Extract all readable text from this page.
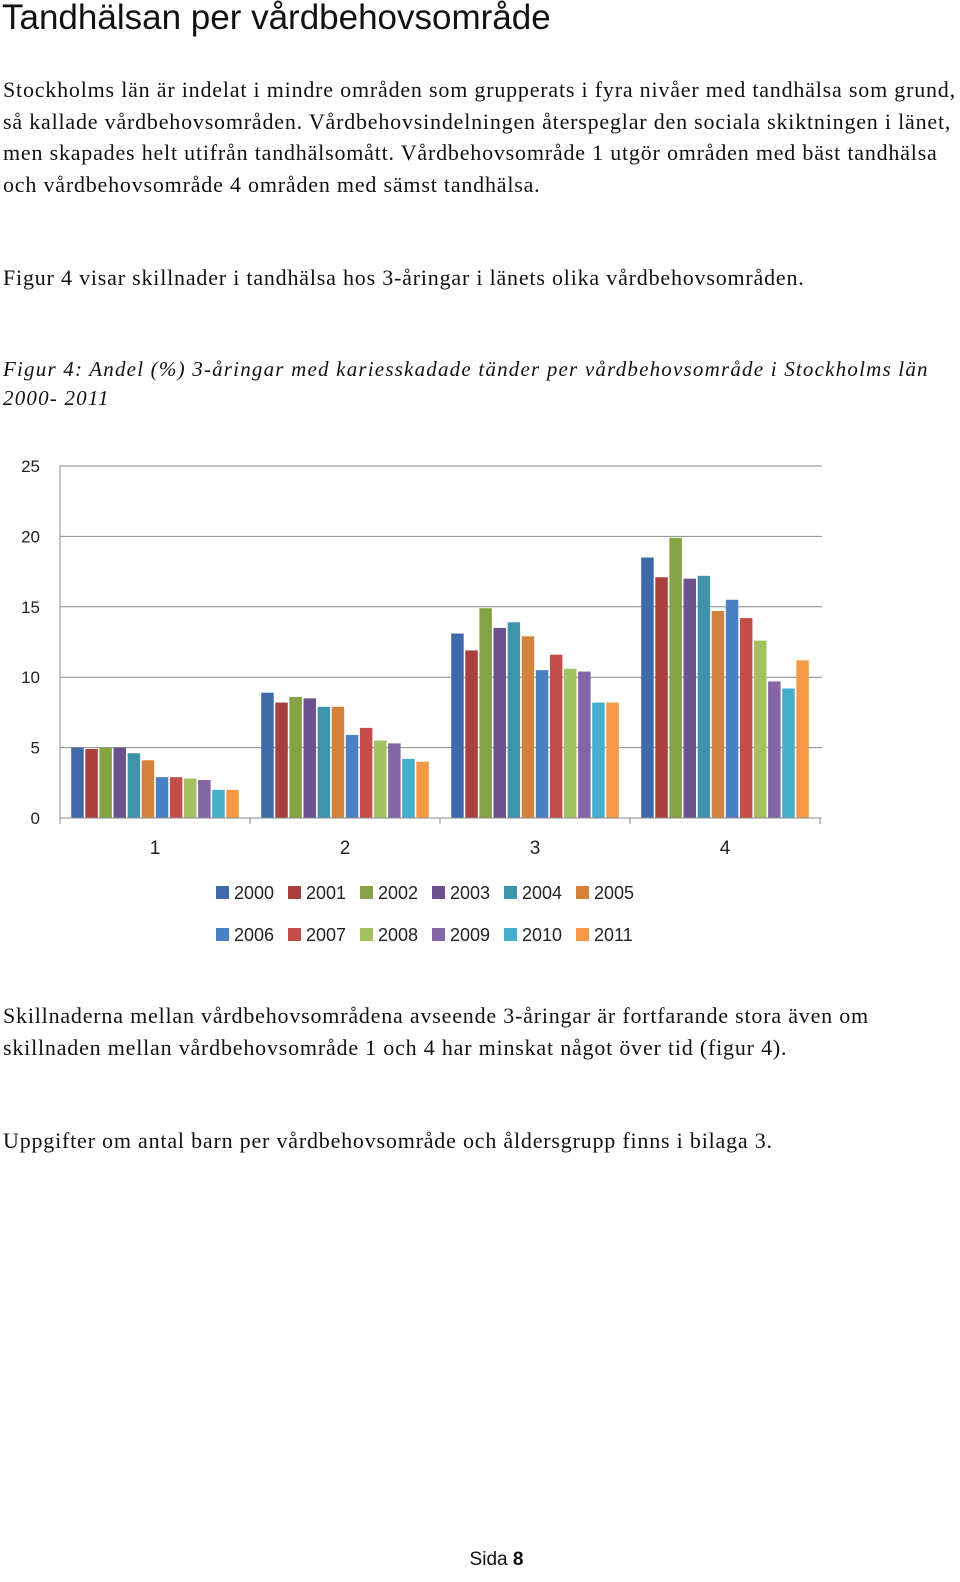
Tandhälsan per vårdbehovsområde

Stockholms län är indelat i mindre områden som grupperats i fyra nivåer med tandhälsa som grund, så kallade vårdbehovsområden. Vårdbehovsindelningen återspeglar den sociala skiktningen i länet, men skapades helt utifrån tandhälsomått. Vårdbehovsområde 1 utgör områden med bäst tandhälsa och vårdbehovsområde 4 områden med sämst tandhälsa.

Figur 4 visar skillnader i tandhälsa hos 3-åringar i länets olika vårdbehovsområden.

Figur 4: Andel (%) 3-åringar med kariesskadade tänder per vårdbehovsområde i Stockholms län 2000- 2011

0
5
10
15
20
25
1	2	3	4
2000 2001 2002 2003 2004 2005
2006 2007 2008 2009 2010 2011

Skillnaderna mellan vårdbehovsområdena avseende 3-åringar är fortfarande stora även om skillnaden mellan vårdbehovsområde 1 och 4 har minskat något över tid (figur 4).

Uppgifter om antal barn per vårdbehovsområde och åldersgrupp finns i bilaga 3.

Sida 8
